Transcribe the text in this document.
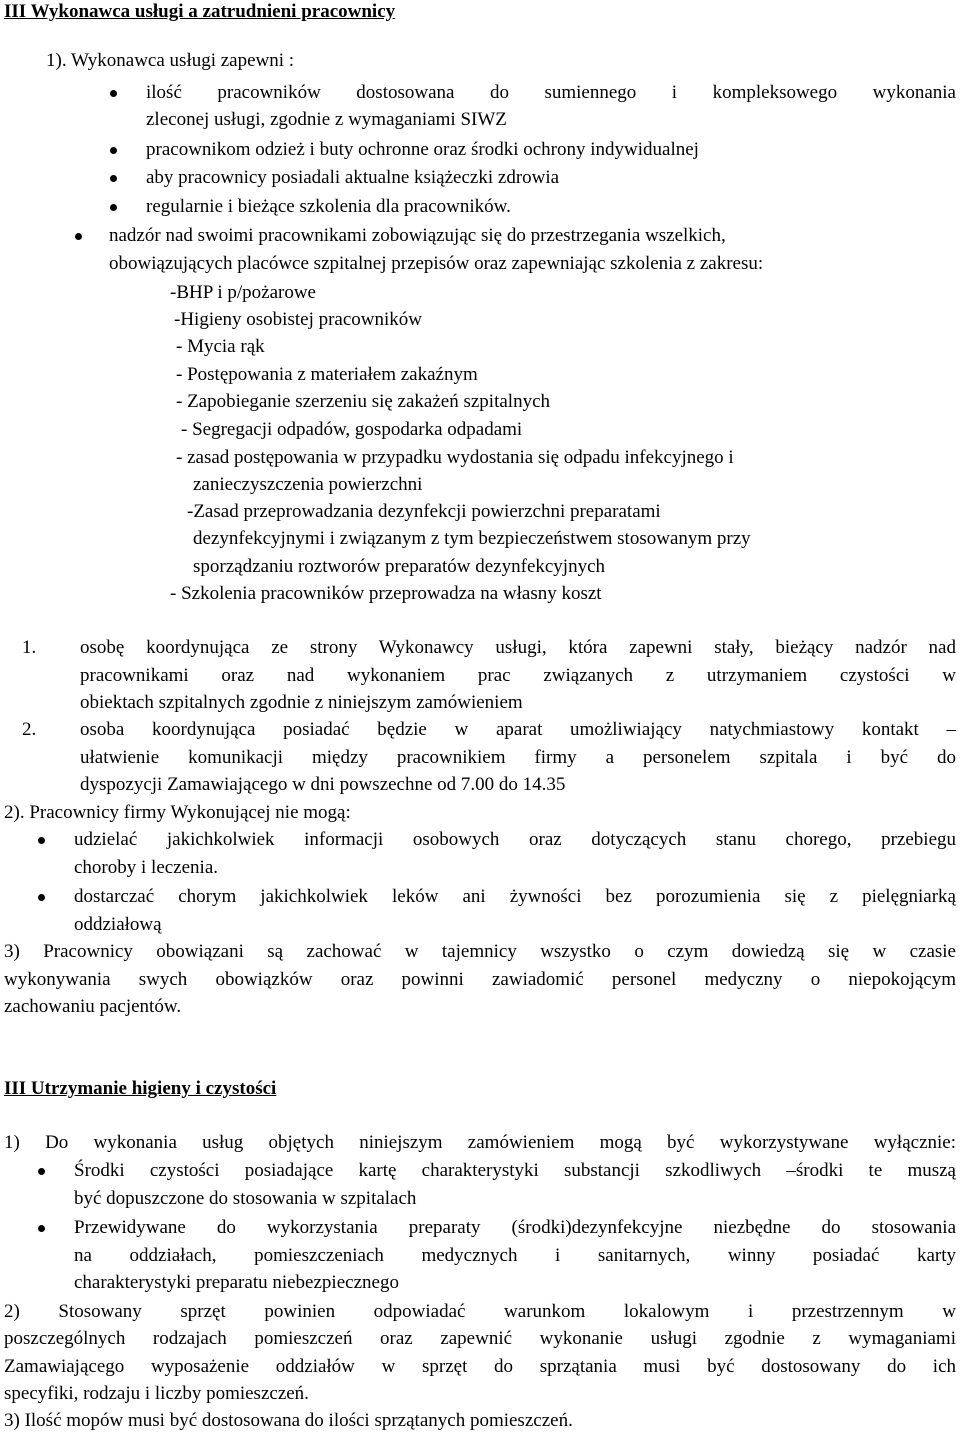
III Wykonawca usługi a zatrudnieni pracownicy
1). Wykonawca usługi zapewni :
ilość pracowników dostosowana do sumiennego i kompleksowego wykonania
zleconej usługi, zgodnie z wymaganiami SIWZ
pracownikom odzież i buty ochronne oraz środki ochrony indywidualnej
aby pracownicy posiadali aktualne książeczki zdrowia
regularnie i bieżące szkolenia dla pracowników.
nadzór nad swoimi pracownikami zobowiązując się do przestrzegania wszelkich,
obowiązujących placówce szpitalnej przepisów oraz zapewniając szkolenia z zakresu:
-BHP i p/pożarowe
-Higieny osobistej pracowników
- Mycia rąk
- Postępowania z materiałem zakaźnym
- Zapobieganie szerzeniu się zakażeń szpitalnych
- Segregacji odpadów, gospodarka odpadami
- zasad postępowania w przypadku wydostania się odpadu infekcyjnego i
zanieczyszczenia powierzchni
-Zasad przeprowadzania dezynfekcji powierzchni preparatami
dezynfekcyjnymi i związanym z tym bezpieczeństwem stosowanym przy
sporządzaniu roztworów preparatów dezynfekcyjnych
- Szkolenia pracowników przeprowadza na własny koszt
1. osobę koordynująca ze strony Wykonawcy usługi, która zapewni stały, bieżący nadzór nad
pracownikami oraz nad wykonaniem prac związanych z utrzymaniem czystości w
obiektach szpitalnych zgodnie z niniejszym zamówieniem
2. osoba koordynująca posiadać będzie w aparat umożliwiający natychmiastowy kontakt –
ułatwienie komunikacji między pracownikiem firmy a personelem szpitala i być do
dyspozycji Zamawiającego w dni powszechne od 7.00 do 14.35
2). Pracownicy firmy Wykonującej nie mogą:
udzielać jakichkolwiek informacji osobowych oraz dotyczących stanu chorego, przebiegu
choroby i leczenia.
dostarczać chorym jakichkolwiek leków ani żywności bez porozumienia się z pielęgniarką
oddziałową
3) Pracownicy obowiązani są zachować w tajemnicy wszystko o czym dowiedzą się w czasie
wykonywania swych obowiązków oraz powinni zawiadomić personel medyczny o niepokojącym
zachowaniu pacjentów.
III Utrzymanie higieny i czystości
1) Do wykonania usług objętych niniejszym zamówieniem mogą być wykorzystywane wyłącznie:
Środki czystości posiadające kartę charakterystyki substancji szkodliwych –środki te muszą
być dopuszczone do stosowania w szpitalach
Przewidywane do wykorzystania preparaty (środki)dezynfekcyjne niezbędne do stosowania
na oddziałach, pomieszczeniach medycznych i sanitarnych, winny posiadać karty
charakterystyki preparatu niebezpiecznego
2) Stosowany sprzęt powinien odpowiadać warunkom lokalowym i przestrzennym w
poszczególnych rodzajach pomieszczeń oraz zapewnić wykonanie usługi zgodnie z wymaganiami
Zamawiającego wyposażenie oddziałów w sprzęt do sprzątania musi być dostosowany do ich
specyfiki, rodzaju i liczby pomieszczeń.
3) Ilość mopów musi być dostosowana do ilości sprzątanych pomieszczeń.
